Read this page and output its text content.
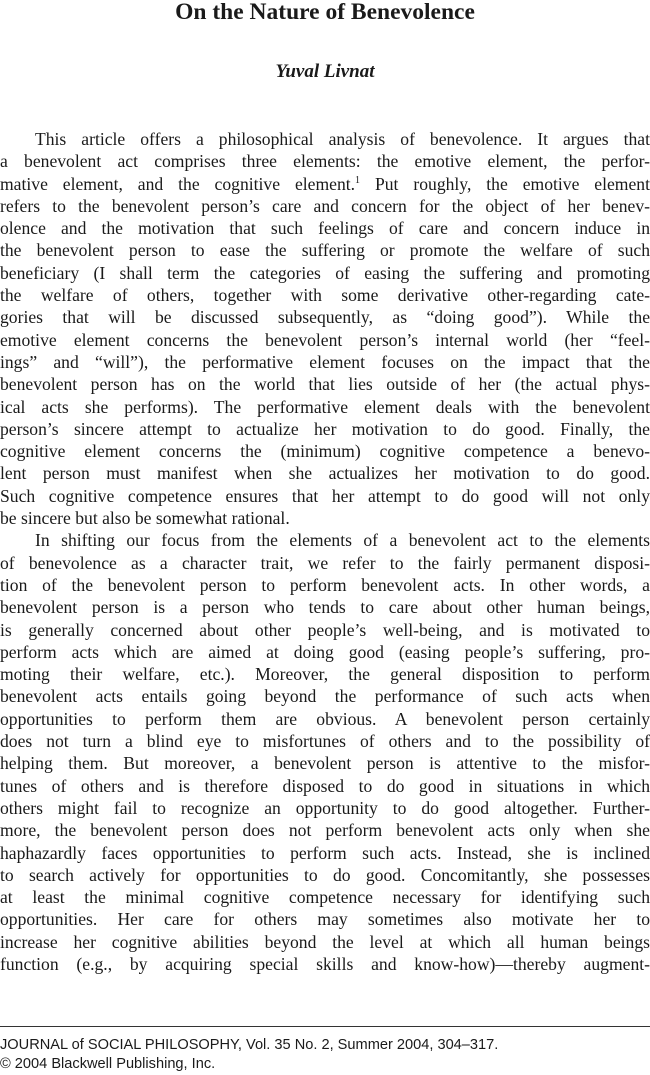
On the Nature of Benevolence
Yuval Livnat
This article offers a philosophical analysis of benevolence. It argues that
a benevolent act comprises three elements: the emotive element, the perfor-
mative element, and the cognitive element.$^1$ Put roughly, the emotive element
refers to the benevolent person’s care and concern for the object of her benev-
olence and the motivation that such feelings of care and concern induce in
the benevolent person to ease the suffering or promote the welfare of such
beneficiary (I shall term the categories of easing the suffering and promoting
the welfare of others, together with some derivative other-regarding cate-
gories that will be discussed subsequently, as “doing good”). While the
emotive element concerns the benevolent person’s internal world (her “feel-
ings” and “will”), the performative element focuses on the impact that the
benevolent person has on the world that lies outside of her (the actual phys-
ical acts she performs). The performative element deals with the benevolent
person’s sincere attempt to actualize her motivation to do good. Finally, the
cognitive element concerns the (minimum) cognitive competence a benevo-
lent person must manifest when she actualizes her motivation to do good.
Such cognitive competence ensures that her attempt to do good will not only
be sincere but also be somewhat rational.
In shifting our focus from the elements of a benevolent act to the elements
of benevolence as a character trait, we refer to the fairly permanent disposi-
tion of the benevolent person to perform benevolent acts. In other words, a
benevolent person is a person who tends to care about other human beings,
is generally concerned about other people’s well-being, and is motivated to
perform acts which are aimed at doing good (easing people’s suffering, pro-
moting their welfare, etc.). Moreover, the general disposition to perform
benevolent acts entails going beyond the performance of such acts when
opportunities to perform them are obvious. A benevolent person certainly
does not turn a blind eye to misfortunes of others and to the possibility of
helping them. But moreover, a benevolent person is attentive to the misfor-
tunes of others and is therefore disposed to do good in situations in which
others might fail to recognize an opportunity to do good altogether. Further-
more, the benevolent person does not perform benevolent acts only when she
haphazardly faces opportunities to perform such acts. Instead, she is inclined
to search actively for opportunities to do good. Concomitantly, she possesses
at least the minimal cognitive competence necessary for identifying such
opportunities. Her care for others may sometimes also motivate her to
increase her cognitive abilities beyond the level at which all human beings
function (e.g., by acquiring special skills and know-how)—thereby augment-
JOURNAL of SOCIAL PHILOSOPHY, Vol. 35 No. 2, Summer 2004, 304–317.
© 2004 Blackwell Publishing, Inc.
